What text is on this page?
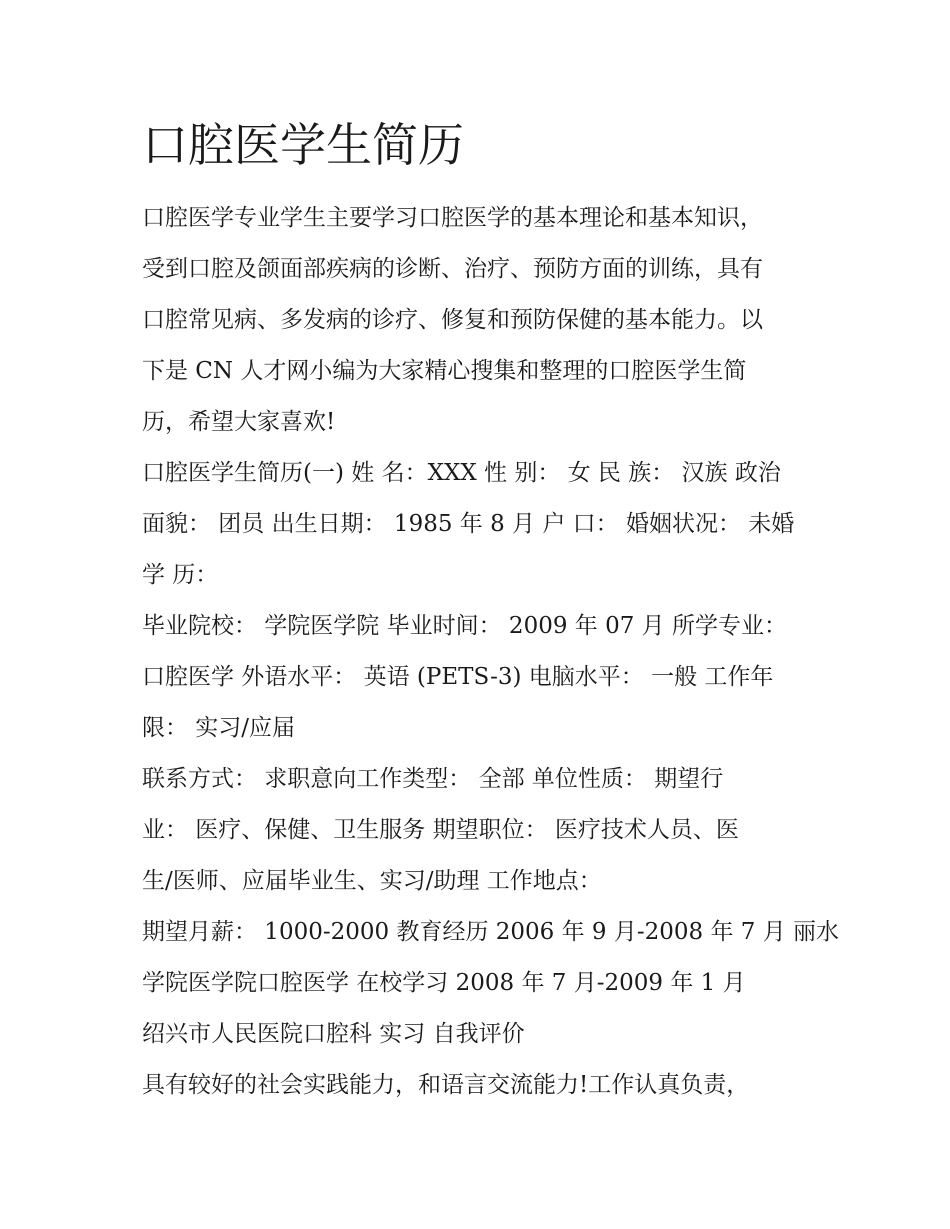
口腔医学生简历

口腔医学专业学生主要学习口腔医学的基本理论和基本知识，

受到口腔及颌面部疾病的诊断、治疗、预防方面的训练，具有

口腔常见病、多发病的诊疗、修复和预防保健的基本能力。以

下是 CN 人才网小编为大家精心搜集和整理的口腔医学生简

历，希望大家喜欢!

口腔医学生简历(一) 姓 名：XXX 性 别： 女 民 族： 汉族 政治

面貌： 团员 出生日期： 1985 年 8 月 户 口： 婚姻状况： 未婚

学 历：

毕业院校： 学院医学院 毕业时间： 2009 年 07 月 所学专业：

口腔医学 外语水平： 英语 (PETS-3) 电脑水平： 一般 工作年

限： 实习/应届

联系方式： 求职意向工作类型： 全部 单位性质： 期望行

业： 医疗、保健、卫生服务 期望职位： 医疗技术人员、医

生/医师、应届毕业生、实习/助理 工作地点：

期望月薪： 1000-2000 教育经历 2006 年 9 月-2008 年 7 月 丽水

学院医学院口腔医学 在校学习 2008 年 7 月-2009 年 1 月

绍兴市人民医院口腔科 实习 自我评价

具有较好的社会实践能力，和语言交流能力!工作认真负责，
